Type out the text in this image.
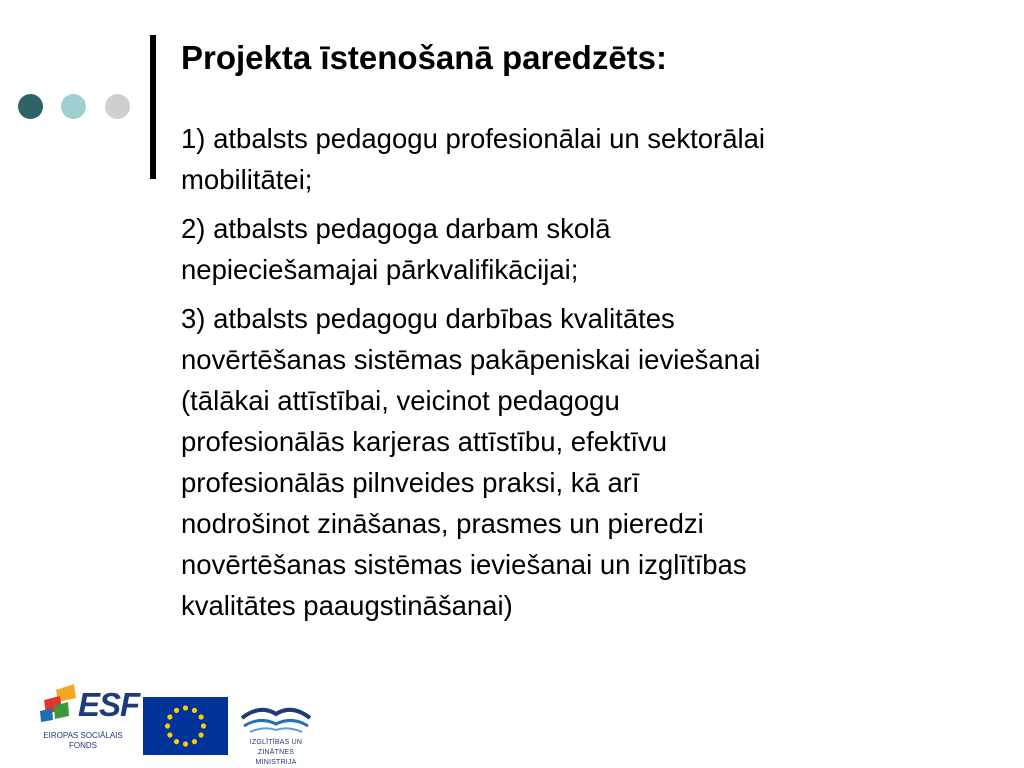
Projekta īstenošanā paredzēts:

1) atbalsts pedagogu profesionālai un sektorālai
mobilitātei;

2) atbalsts pedagoga darbam skolā
nepieciešamajai pārkvalifikācijai;

3) atbalsts pedagogu darbības kvalitātes
novērtēšanas sistēmas pakāpeniskai ieviešanai
(tālākai attīstībai, veicinot pedagogu
profesionālās karjeras attīstību, efektīvu
profesionālās pilnveides praksi, kā arī
nodrošinot zināšanas, prasmes un pieredzi
novērtēšanas sistēmas ieviešanai un izglītības
kvalitātes paaugstināšanai)

ESF
EIROPAS SOCIĀLAIS
FONDS	IZGLĪTĪBAS UN ZINĀTNES
MINISTRIJA
